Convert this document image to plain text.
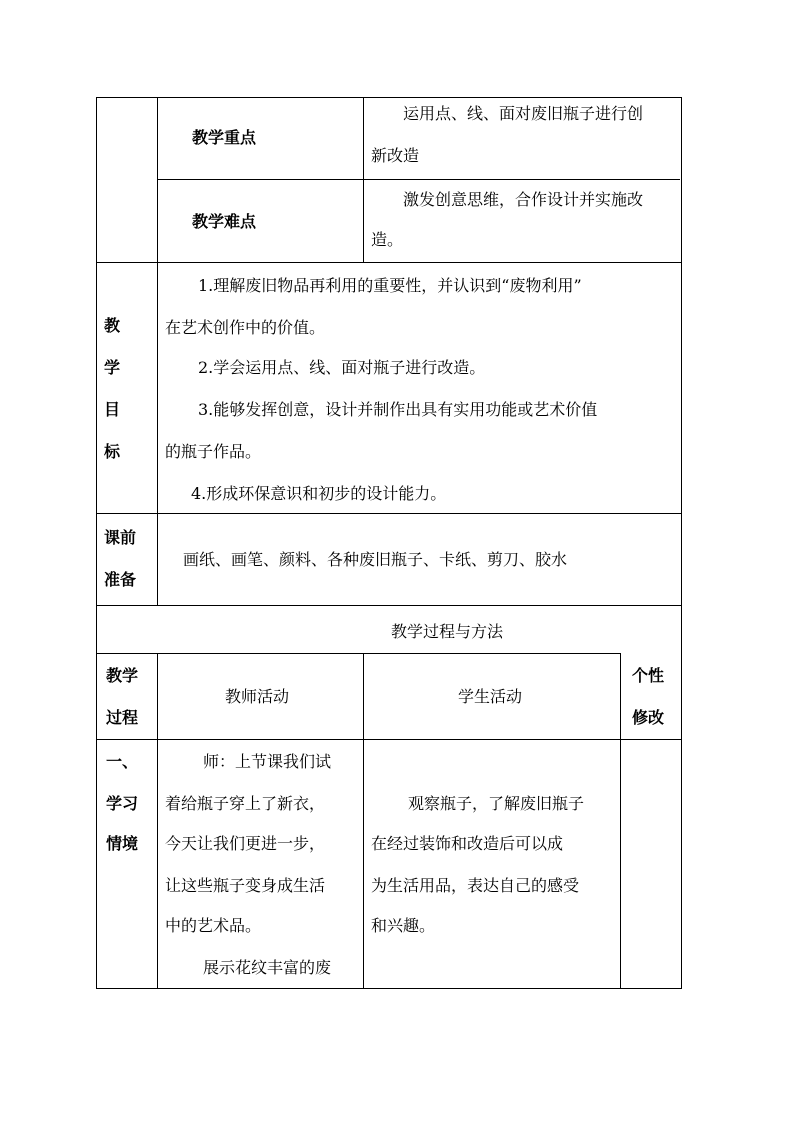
教学重点
运用点、线、面对废旧瓶子进行创
新改造
教学难点
激发创意思维，合作设计并实施改
造。
教
学
目
标
1.理解废旧物品再利用的重要性，并认识到“废物利用”
在艺术创作中的价值。
2.学会运用点、线、面对瓶子进行改造。
3.能够发挥创意，设计并制作出具有实用功能或艺术价值
的瓶子作品。
4.形成环保意识和初步的设计能力。
课前
准备
画纸、画笔、颜料、各种废旧瓶子、卡纸、剪刀、胶水
教学过程与方法
教学
过程
教师活动	学生活动
个性
修改
一、
学习
情境
师：上节课我们试
着给瓶子穿上了新衣，
今天让我们更进一步，
让这些瓶子变身成生活
中的艺术品。
展示花纹丰富的废
观察瓶子，了解废旧瓶子
在经过装饰和改造后可以成
为生活用品，表达自己的感受
和兴趣。
